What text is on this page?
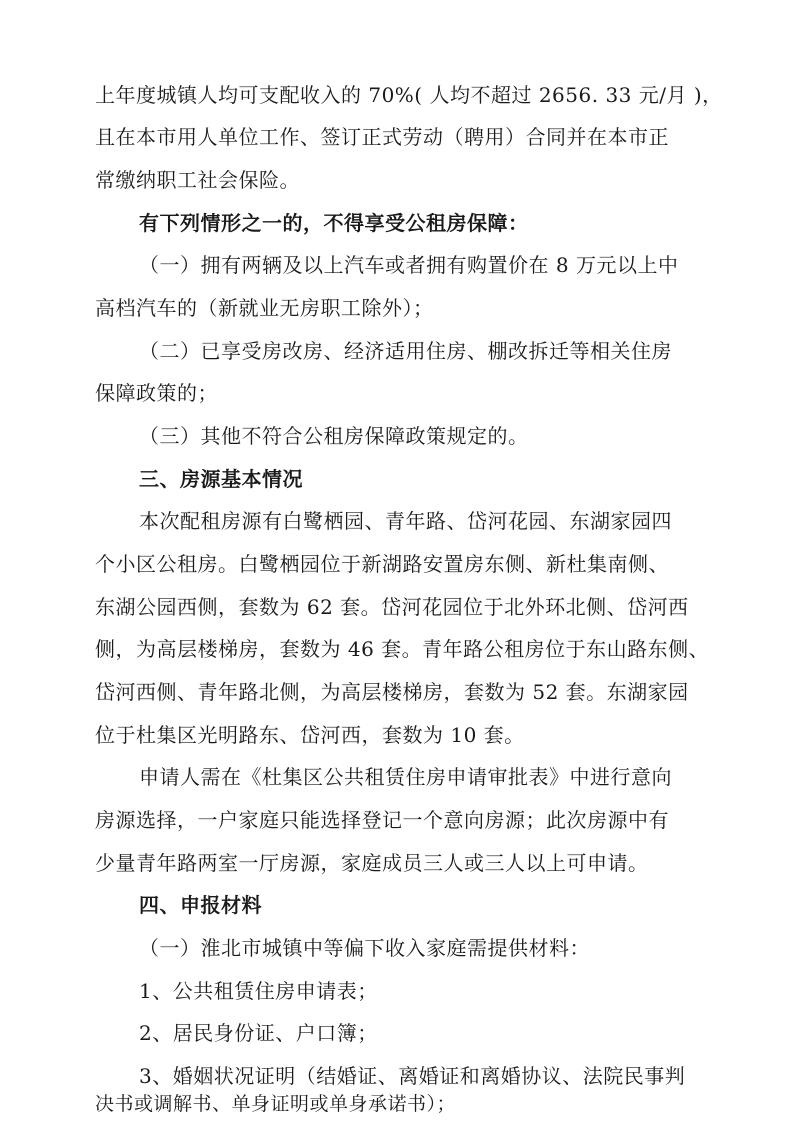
上年度城镇人均可支配收入的 70%( 人均不超过 2656. 33 元/月 )，
且在本市用人单位工作、签订正式劳动（聘用）合同并在本市正
常缴纳职工社会保险。
有下列情形之一的，不得享受公租房保障：
（一）拥有两辆及以上汽车或者拥有购置价在 8 万元以上中
高档汽车的（新就业无房职工除外）；
（二）已享受房改房、经济适用住房、棚改拆迁等相关住房
保障政策的；
（三）其他不符合公租房保障政策规定的。
三、房源基本情况
本次配租房源有白鹭栖园、青年路、岱河花园、东湖家园四
个小区公租房。白鹭栖园位于新湖路安置房东侧、新杜集南侧、
东湖公园西侧，套数为 62 套。岱河花园位于北外环北侧、岱河西
侧，为高层楼梯房，套数为 46 套。青年路公租房位于东山路东侧、
岱河西侧、青年路北侧，为高层楼梯房，套数为 52 套。东湖家园
位于杜集区光明路东、岱河西，套数为 10 套。
申请人需在《杜集区公共租赁住房申请审批表》中进行意向
房源选择，一户家庭只能选择登记一个意向房源；此次房源中有
少量青年路两室一厅房源，家庭成员三人或三人以上可申请。
四、申报材料
（一）淮北市城镇中等偏下收入家庭需提供材料：
1、公共租赁住房申请表；
2、居民身份证、户口簿；
3、婚姻状况证明（结婚证、离婚证和离婚协议、法院民事判
决书或调解书、单身证明或单身承诺书）；
